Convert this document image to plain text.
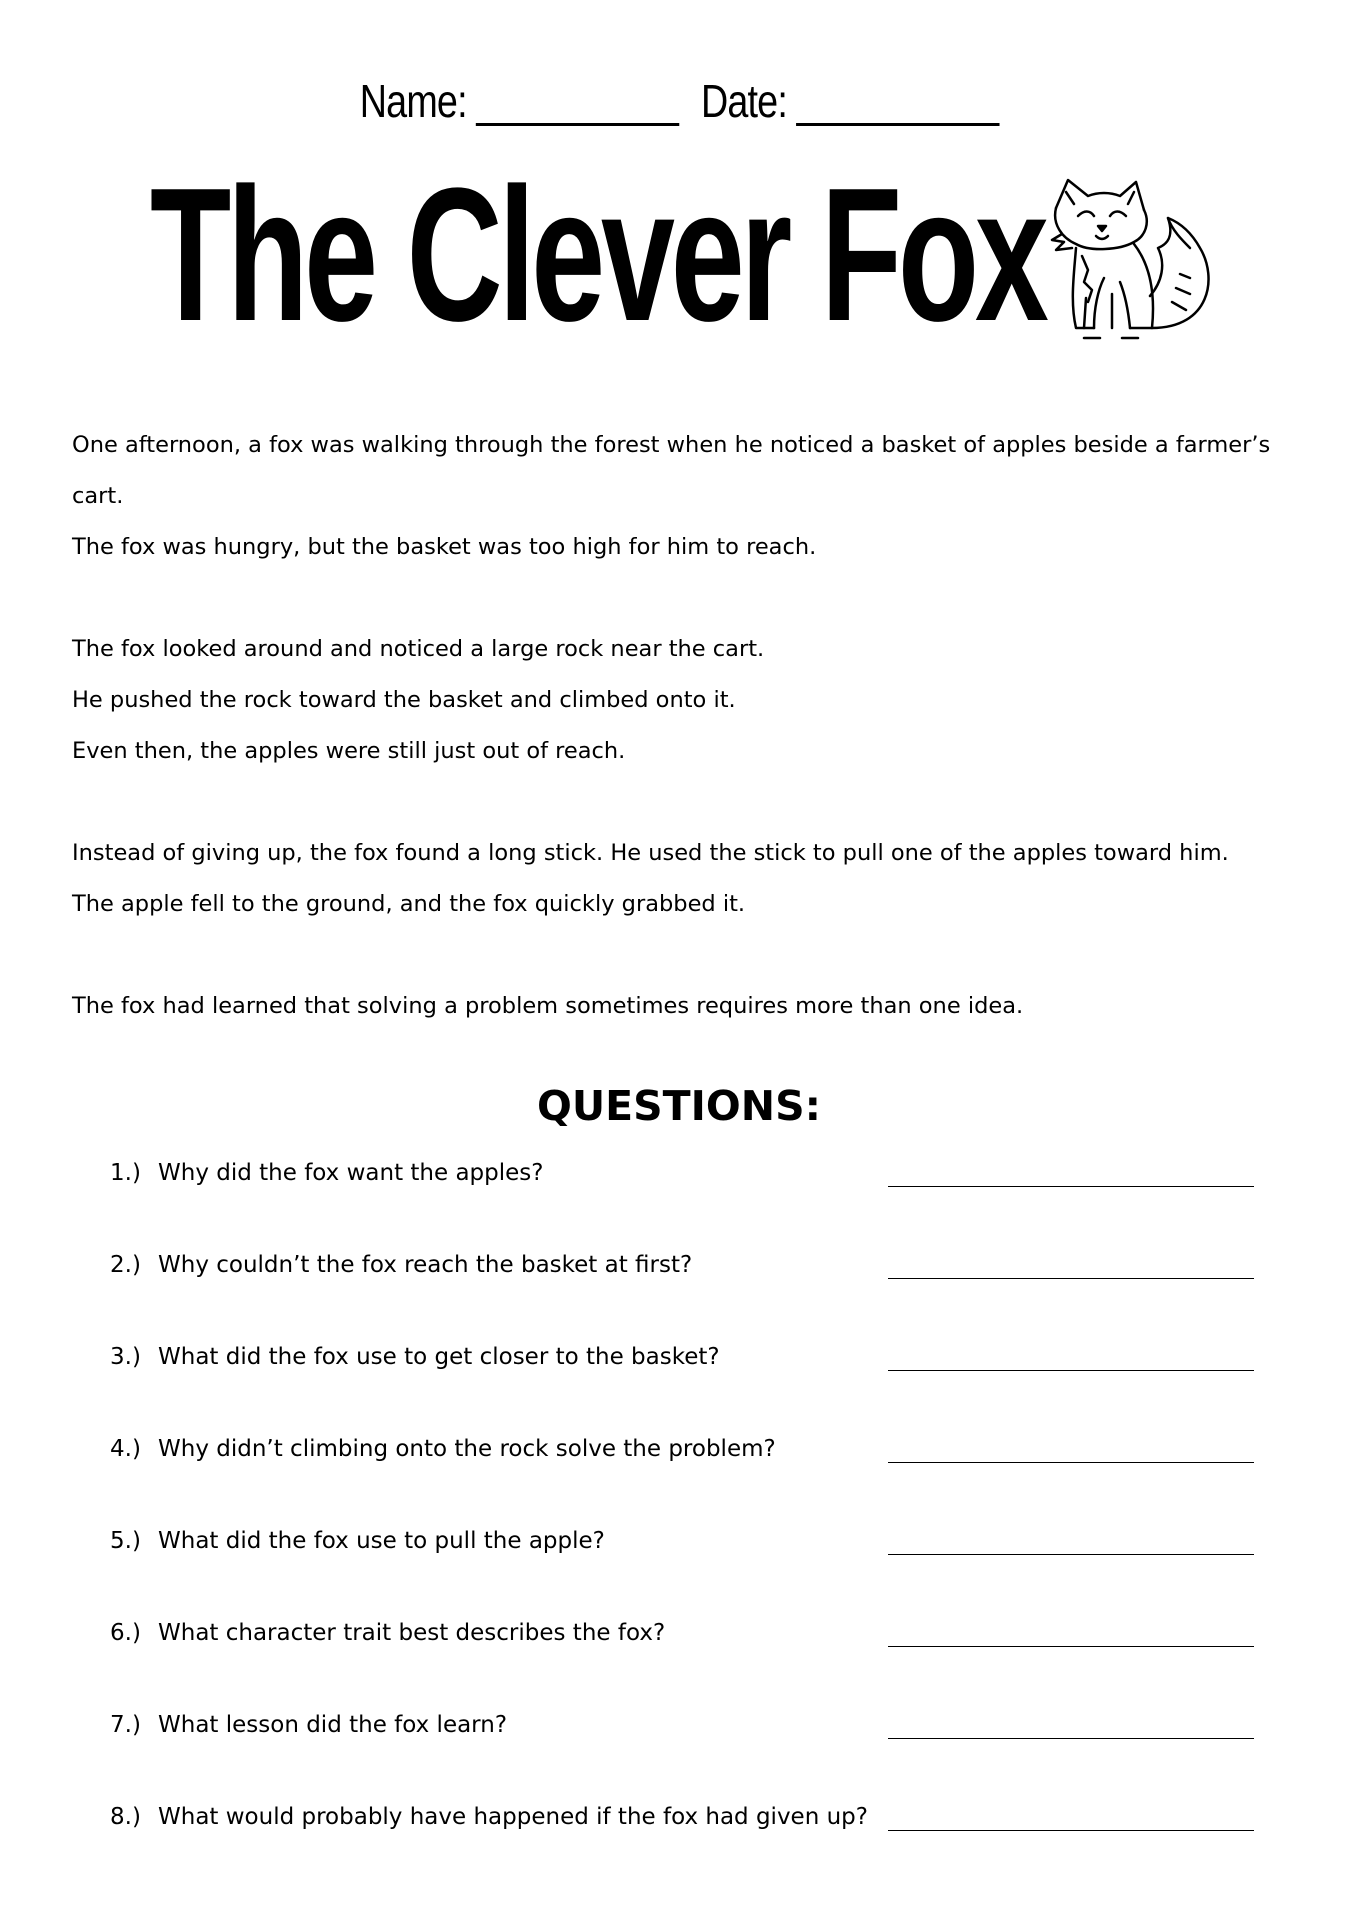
Name: __________ Date: __________
The Clever Fox

One afternoon, a fox was walking through the forest when he noticed a basket of apples beside a farmer’s cart.
The fox was hungry, but the basket was too high for him to reach.

The fox looked around and noticed a large rock near the cart.
He pushed the rock toward the basket and climbed onto it.
Even then, the apples were still just out of reach.

Instead of giving up, the fox found a long stick. He used the stick to pull one of the apples toward him.
The apple fell to the ground, and the fox quickly grabbed it.

The fox had learned that solving a problem sometimes requires more than one idea.

QUESTIONS:
1.) Why did the fox want the apples?
2.) Why couldn’t the fox reach the basket at first?
3.) What did the fox use to get closer to the basket?
4.) Why didn’t climbing onto the rock solve the problem?
5.) What did the fox use to pull the apple?
6.) What character trait best describes the fox?
7.) What lesson did the fox learn?
8.) What would probably have happened if the fox had given up?
